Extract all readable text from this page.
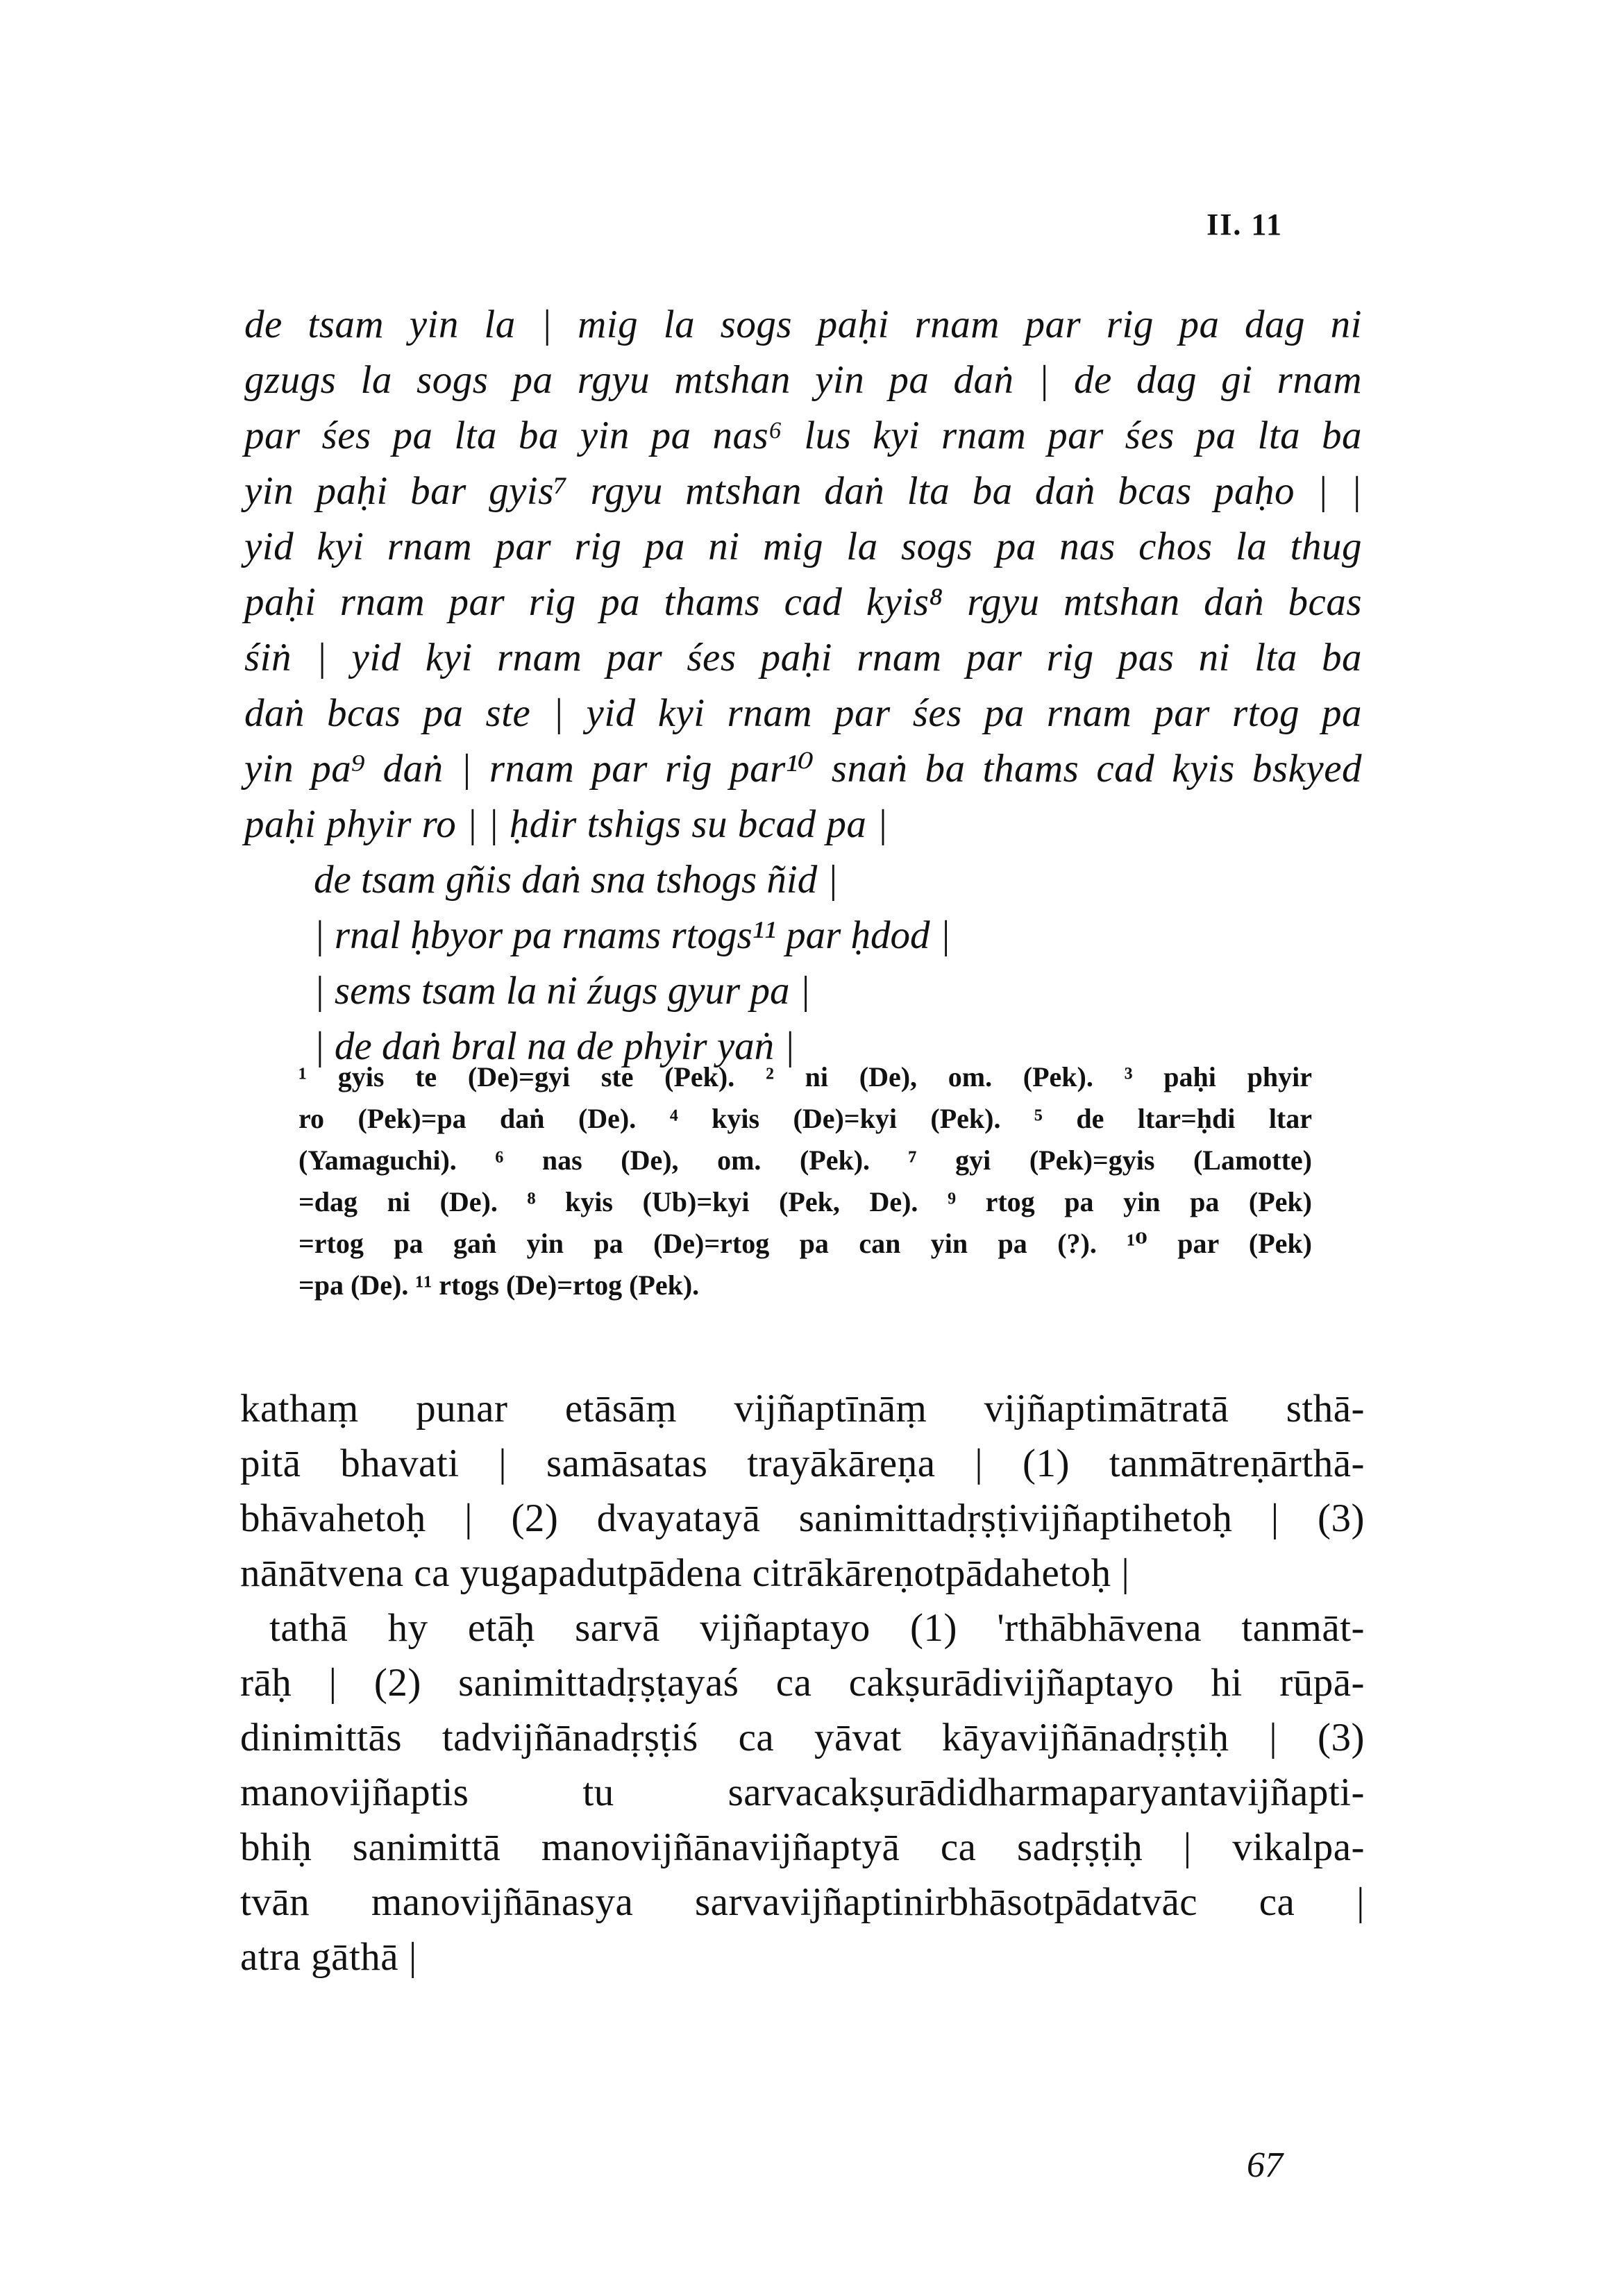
II. 11
de tsam yin la | mig la sogs paḥi rnam par rig pa dag ni
gzugs la sogs pa rgyu mtshan yin pa daṅ | de dag gi rnam
par śes pa lta ba yin pa nas⁶ lus kyi rnam par śes pa lta ba
yin paḥi bar gyis⁷ rgyu mtshan daṅ lta ba daṅ bcas paḥo | |
yid kyi rnam par rig pa ni mig la sogs pa nas chos la thug
paḥi rnam par rig pa thams cad kyis⁸ rgyu mtshan daṅ bcas
śiṅ | yid kyi rnam par śes paḥi rnam par rig pas ni lta ba
daṅ bcas pa ste | yid kyi rnam par śes pa rnam par rtog pa
yin pa⁹ daṅ | rnam par rig par¹⁰ snaṅ ba thams cad kyis bskyed
paḥi phyir ro | | ḥdir tshigs su bcad pa |
de tsam gñis daṅ sna tshogs ñid |
| rnal ḥbyor pa rnams rtogs¹¹ par ḥdod |
| sems tsam la ni źugs gyur pa |
| de daṅ bral na de phyir yaṅ |
¹ gyis te (De)=gyi ste (Pek). ² ni (De), om. (Pek). ³ paḥi phyir
ro (Pek)=pa daṅ (De). ⁴ kyis (De)=kyi (Pek). ⁵ de ltar=ḥdi ltar
(Yamaguchi). ⁶ nas (De), om. (Pek). ⁷ gyi (Pek)=gyis (Lamotte)
=dag ni (De). ⁸ kyis (Ub)=kyi (Pek, De). ⁹ rtog pa yin pa (Pek)
=rtog pa gaṅ yin pa (De)=rtog pa can yin pa (?). ¹⁰ par (Pek)
=pa (De). ¹¹ rtogs (De)=rtog (Pek).
kathaṃ punar etāsāṃ vijñaptīnāṃ vijñaptimātratā sthā-
pitā bhavati | samāsatas trayākāreṇa | (1) tanmātreṇārthā-
bhāvahetoḥ | (2) dvayatayā sanimittadṛṣṭivijñaptihetoḥ | (3)
nānātvena ca yugapadutpādena citrākāreṇotpādahetoḥ |
tathā hy etāḥ sarvā vijñaptayo (1) 'rthābhāvena tanmāt-
rāḥ | (2) sanimittadṛṣṭayaś ca cakṣurādivijñaptayo hi rūpā-
dinimittās tadvijñānadṛṣṭiś ca yāvat kāyavijñānadṛṣṭiḥ | (3)
manovijñaptis tu sarvacakṣurādidharmaparyantavijñapti-
bhiḥ sanimittā manovijñānavijñaptyā ca sadṛṣṭiḥ | vikalpa-
tvān manovijñānasya sarvavijñaptinirbhāsotpādatvāc ca |
atra gāthā |
67
